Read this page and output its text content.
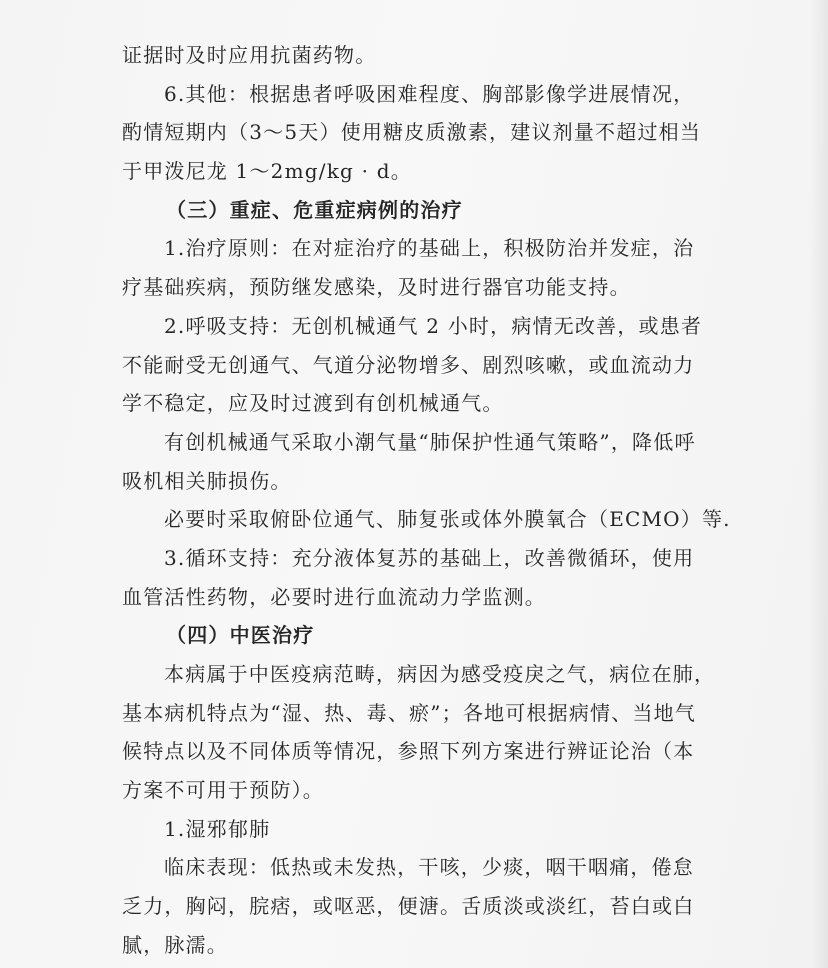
证据时及时应用抗菌药物。
6.其他：根据患者呼吸困难程度、胸部影像学进展情况，
酌情短期内（3～5天）使用糖皮质激素，建议剂量不超过相当
于甲泼尼龙 1～2mg/kg · d。
（三）重症、危重症病例的治疗
1.治疗原则：在对症治疗的基础上，积极防治并发症，治
疗基础疾病，预防继发感染，及时进行器官功能支持。
2.呼吸支持：无创机械通气 2 小时，病情无改善，或患者
不能耐受无创通气、气道分泌物增多、剧烈咳嗽，或血流动力
学不稳定，应及时过渡到有创机械通气。
有创机械通气采取小潮气量“肺保护性通气策略”，降低呼
吸机相关肺损伤。
必要时采取俯卧位通气、肺复张或体外膜氧合（ECMO）等.
3.循环支持：充分液体复苏的基础上，改善微循环，使用
血管活性药物，必要时进行血流动力学监测。
（四）中医治疗
本病属于中医疫病范畴，病因为感受疫戾之气，病位在肺，
基本病机特点为“湿、热、毒、瘀”；各地可根据病情、当地气
候特点以及不同体质等情况，参照下列方案进行辨证论治（本
方案不可用于预防）。
1.湿邪郁肺
临床表现：低热或未发热，干咳，少痰，咽干咽痛，倦怠
乏力，胸闷，脘痞，或呕恶，便溏。舌质淡或淡红，苔白或白
腻，脉濡。
